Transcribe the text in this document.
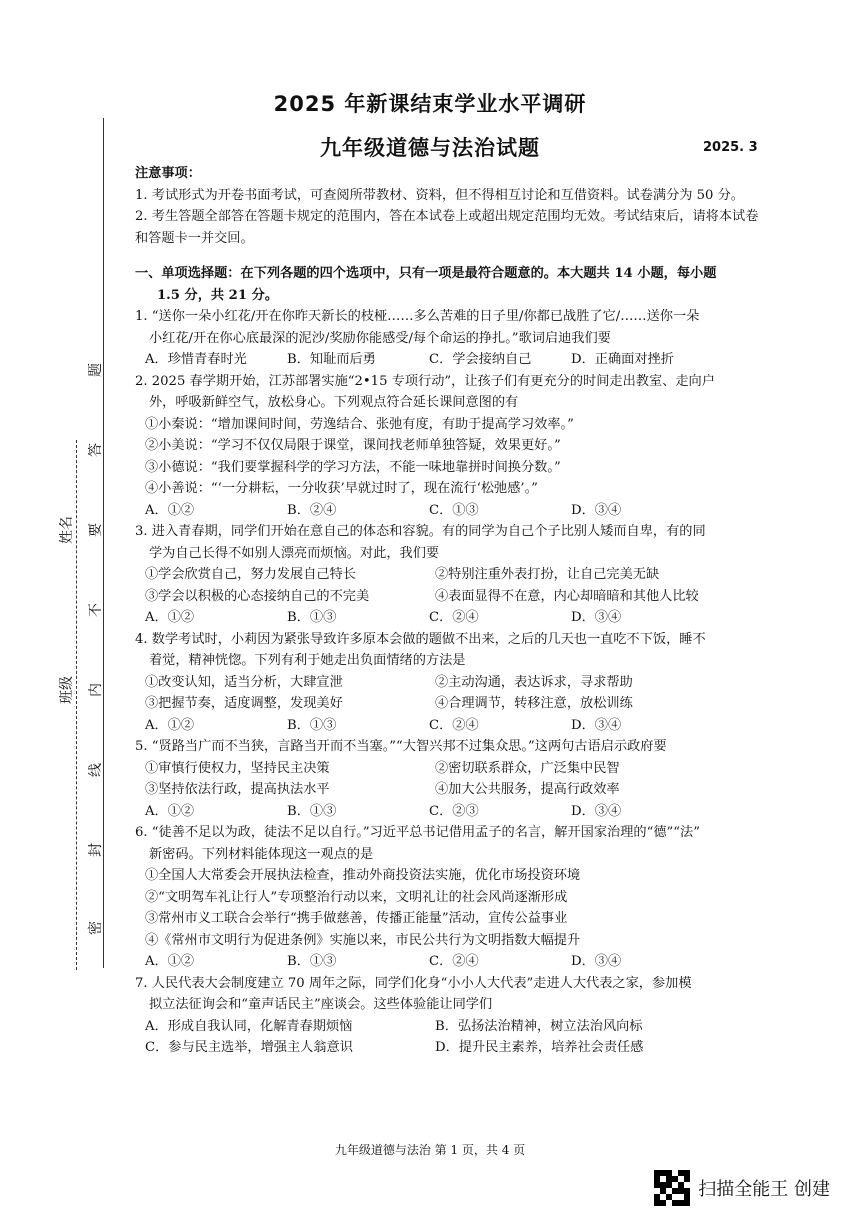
班级
姓名
密
封
线
内
不
要
答
题
2025 年新课结束学业水平调研
九年级道德与法治试题	2025. 3

注意事项：

1. 考试形式为开卷书面考试，可查阅所带教材、资料，但不得相互讨论和互借资料。试卷满分为 50 分。

2. 考生答题全部答在答题卡规定的范围内，答在本试卷上或超出规定范围均无效。考试结束后，请将本试卷和答题卡一并交回。

一、单项选择题：在下列各题的四个选项中，只有一项是最符合题意的。本大题共 14 小题，每小题

1.5 分，共 21 分。

1. “送你一朵小红花/开在你昨天新长的枝桠……多么苦难的日子里/你都已战胜了它/……送你一朵

小红花/开在你心底最深的泥沙/奖励你能感受/每个命运的挣扎。”歌词启迪我们要

A．珍惜青春时光	B．知耻而后勇	C．学会接纳自己	D．正确面对挫折

2. 2025 春学期开始，江苏部署实施“2•15 专项行动”，让孩子们有更充分的时间走出教室、走向户

外，呼吸新鲜空气，放松身心。下列观点符合延长课间意图的有

①小秦说：“增加课间时间，劳逸结合、张弛有度，有助于提高学习效率。”

②小美说：“学习不仅仅局限于课堂，课间找老师单独答疑，效果更好。”

③小德说：“我们要掌握科学的学习方法，不能一味地靠拼时间换分数。”

④小善说：“‘一分耕耘，一分收获’早就过时了，现在流行‘松弛感’。”

A．①②	B．②④	C．①③	D．③④

3. 进入青春期，同学们开始在意自己的体态和容貌。有的同学为自己个子比别人矮而自卑，有的同

学为自己长得不如别人漂亮而烦恼。对此，我们要

①学会欣赏自己，努力发展自己特长	②特别注重外表打扮，让自己完美无缺
③学会以积极的心态接纳自己的不完美	④表面显得不在意，内心却暗暗和其他人比较
A．①②	B．①③	C．②④	D．③④

4. 数学考试时，小莉因为紧张导致许多原本会做的题做不出来，之后的几天也一直吃不下饭，睡不

着觉，精神恍惚。下列有利于她走出负面情绪的方法是

①改变认知，适当分析，大肆宣泄	②主动沟通，表达诉求，寻求帮助
③把握节奏，适度调整，发现美好	④合理调节，转移注意，放松训练
A．①②	B．①③	C．②④	D．③④

5. “贤路当广而不当狭，言路当开而不当塞。”“大智兴邦不过集众思。”这两句古语启示政府要

①审慎行使权力，坚持民主决策	②密切联系群众，广泛集中民智
③坚持依法行政，提高执法水平	④加大公共服务，提高行政效率
A．①②	B．①③	C．②③	D．③④

6. “徒善不足以为政，徒法不足以自行。”习近平总书记借用孟子的名言，解开国家治理的“德”“法”

新密码。下列材料能体现这一观点的是

①全国人大常委会开展执法检查，推动外商投资法实施，优化市场投资环境

②“文明驾车礼让行人”专项整治行动以来，文明礼让的社会风尚逐渐形成

③常州市义工联合会举行“携手做慈善，传播正能量”活动，宣传公益事业

④《常州市文明行为促进条例》实施以来，市民公共行为文明指数大幅提升

A．①②	B．①③	C．②④	D．③④

7. 人民代表大会制度建立 70 周年之际，同学们化身“小小人大代表”走进人大代表之家，参加模

拟立法征询会和“童声话民主”座谈会。这些体验能让同学们

A．形成自我认同，化解青春期烦恼	B．弘扬法治精神，树立法治风向标
C．参与民主选举，增强主人翁意识	D．提升民主素养，培养社会责任感
九年级道德与法治 第 1 页，共 4 页
扫描全能王 创建
